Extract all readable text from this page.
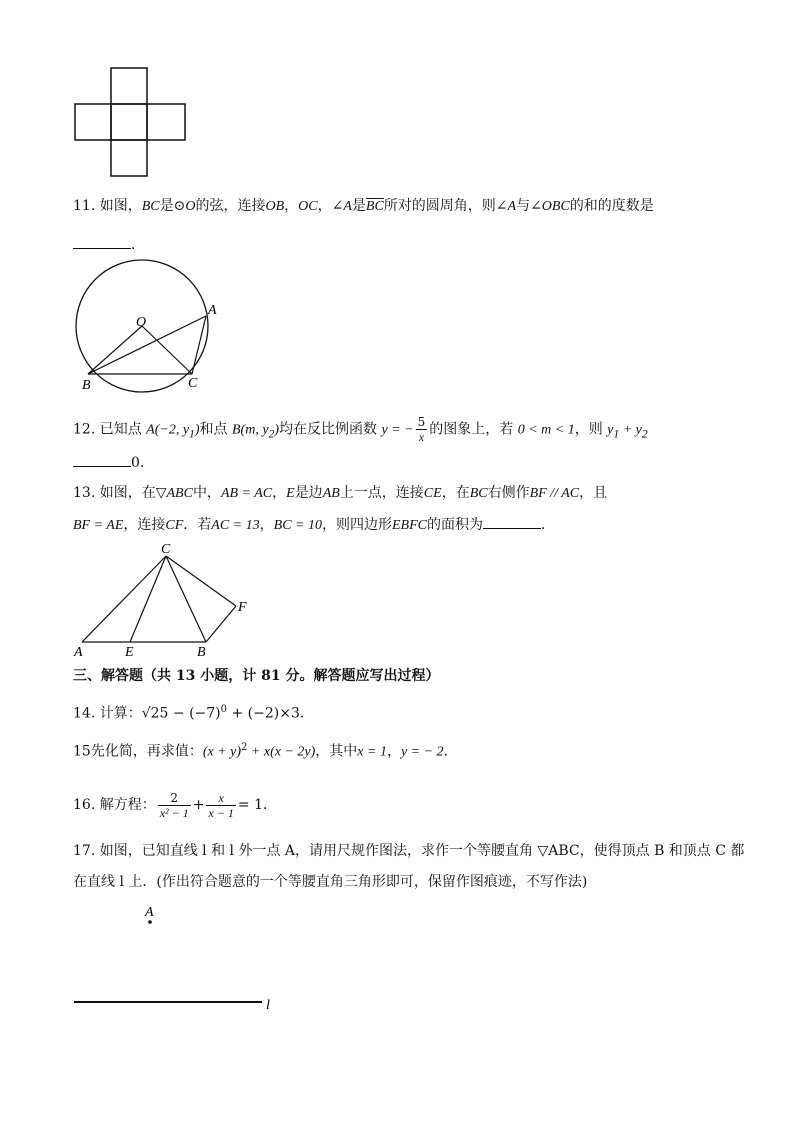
11. 如图，BC是⊙O的弦，连接OB，OC，∠A是$\overline{BC}$所对的圆周角，则∠A与∠OBC的和的度数是
．
O
A
B	C
12. 已知点 A(−2, $y_1$)和点 B(m, $y_2$)均在反比例函数 y = − $\frac{5}{x}$ 的图象上，若 0 < m < 1，则 $y_1 + y_2$
0.
13. 如图，在▽ABC中，AB = AC，E是边AB上一点，连接CE，在BC右侧作BF // AC，且
BF = AE，连接CF．若AC = 13，BC = 10，则四边形EBFC的面积为	．
C
F
A	E	B
三、解答题（共 13 小题，计 81 分。解答题应写出过程）
14. 计算：$√25 - (-7)^0 + (-2)\times 3$．
15先化简，再求值：$(x + y)^2 + x(x - 2y)$，其中x = 1，y = − 2．
16. 解方程： $\frac{2}{\text{x² − 1}} + \frac{x}{x - 1} = 1$．
17. 如图，已知直线 l 和 l 外一点 A，请用尺规作图法，求作一个等腰直角 ▽ABC，使得顶点 B 和顶点 C 都
在直线 l 上．(作出符合题意的一个等腰直角三角形即可，保留作图痕迹，不写作法)
A
l
